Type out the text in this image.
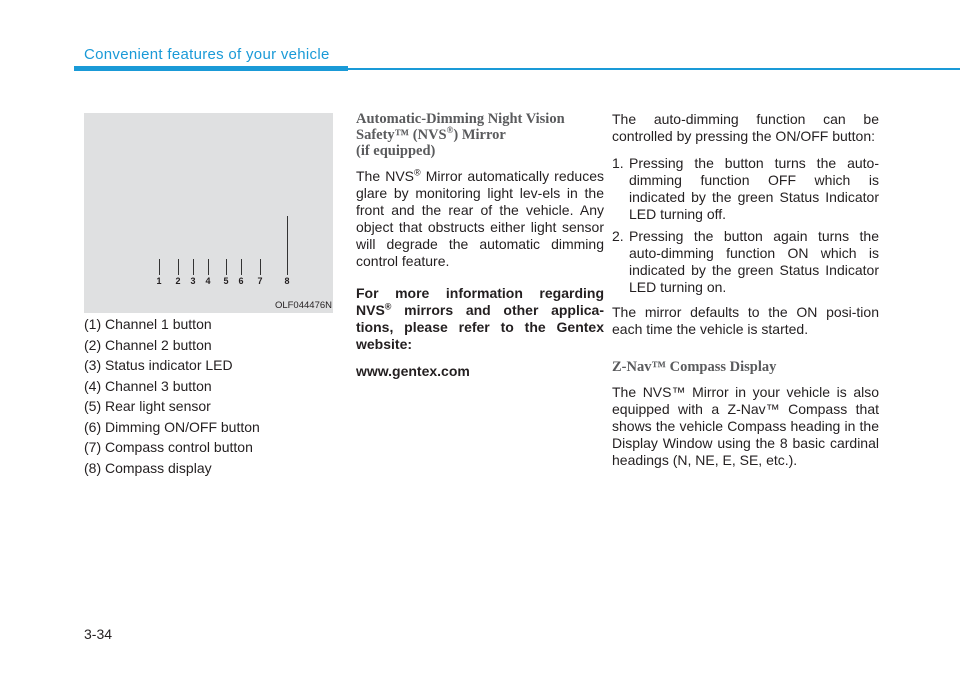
Convenient features of your vehicle
1 2 3 4 5 6 7 8
OLF044476N

(1) Channel 1 button

(2) Channel 2 button

(3) Status indicator LED

(4) Channel 3 button

(5) Rear light sensor

(6) Dimming ON/OFF button

(7) Compass control button

(8) Compass display

Automatic-Dimming Night Vision Safety™ (NVS®) Mirror
(if equipped)

The NVS® Mirror automatically reduces glare by monitoring light lev-els in the front and the rear of the vehicle. Any object that obstructs either light sensor will degrade the automatic dimming control feature.

For more information regarding NVS® mirrors and other applica-tions, please refer to the Gentex website:

www.gentex.com

The auto-dimming function can be controlled by pressing the ON/OFF button:

1. Pressing the button turns the auto-dimming function OFF which is indicated by the green Status Indicator LED turning off.
2. Pressing the button again turns the auto-dimming function ON which is indicated by the green Status Indicator LED turning on.

The mirror defaults to the ON posi-tion each time the vehicle is started.

Z-Nav™ Compass Display

The NVS™ Mirror in your vehicle is also equipped with a Z-Nav™ Compass that shows the vehicle Compass heading in the Display Window using the 8 basic cardinal headings (N, NE, E, SE, etc.).

3-34
